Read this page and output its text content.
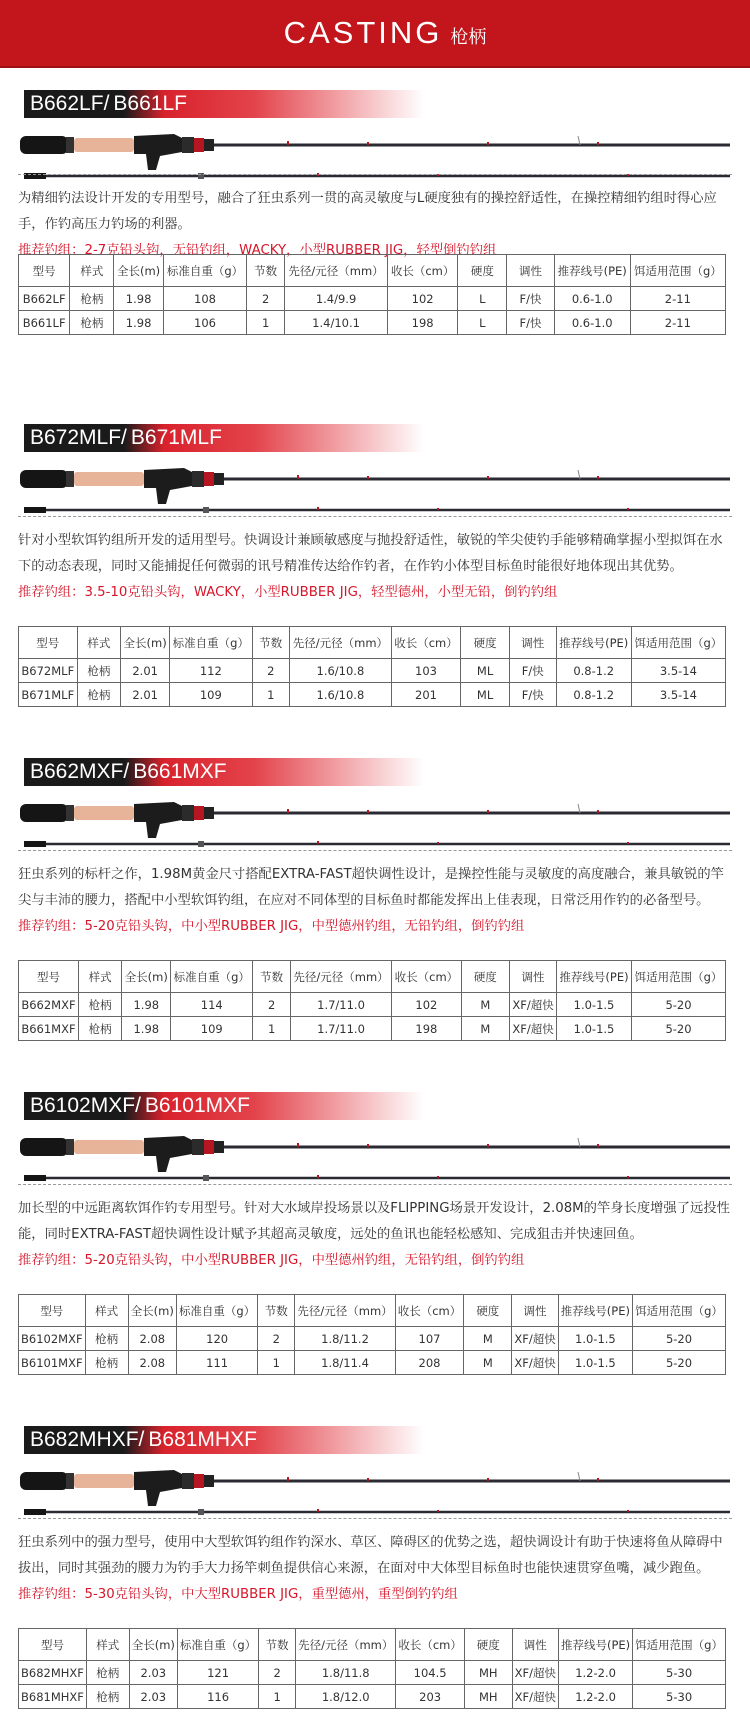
CASTING 枪柄
B662LF / B661LF
为精细钓法设计开发的专用型号，融合了狂虫系列一贯的高灵敏度与L硬度独有的操控舒适性，在操控精细钓组时得心应手，作钓高压力钓场的利器。
推荐钓组：2-7克铅头钩，无铅钓组，WACKY，小型RUBBER JIG，轻型倒钓钓组
型号	样式	全长(m)	标准自重（g）	节数	先径/元径（mm）	收长（cm）	硬度	调性	推荐线号(PE)	饵适用范围（g）
B662LF	枪柄	1.98	108	2	1.4/9.9	102	L	F/快	0.6-1.0	2-11
B661LF	枪柄	1.98	106	1	1.4/10.1	198	L	F/快	0.6-1.0	2-11
B672MLF / B671MLF
针对小型软饵钓组所开发的适用型号。快调设计兼顾敏感度与抛投舒适性，敏锐的竿尖使钓手能够精确掌握小型拟饵在水下的动态表现，同时又能捕捉任何微弱的讯号精准传达给作钓者，在作钓小体型目标鱼时能很好地体现出其优势。
推荐钓组：3.5-10克铅头钩，WACKY，小型RUBBER JIG，轻型德州，小型无铅，倒钓钓组
型号	样式	全长(m)	标准自重（g）	节数	先径/元径（mm）	收长（cm）	硬度	调性	推荐线号(PE)	饵适用范围（g）
B672MLF	枪柄	2.01	112	2	1.6/10.8	103	ML	F/快	0.8-1.2	3.5-14
B671MLF	枪柄	2.01	109	1	1.6/10.8	201	ML	F/快	0.8-1.2	3.5-14
B662MXF / B661MXF
狂虫系列的标杆之作，1.98M黄金尺寸搭配EXTRA-FAST超快调性设计，是操控性能与灵敏度的高度融合，兼具敏锐的竿尖与丰沛的腰力，搭配中小型软饵钓组，在应对不同体型的目标鱼时都能发挥出上佳表现，日常泛用作钓的必备型号。
推荐钓组：5-20克铅头钩，中小型RUBBER JIG，中型德州钓组，无铅钓组，倒钓钓组
型号	样式	全长(m)	标准自重（g）	节数	先径/元径（mm）	收长（cm）	硬度	调性	推荐线号(PE)	饵适用范围（g）
B662MXF	枪柄	1.98	114	2	1.7/11.0	102	M	XF/超快	1.0-1.5	5-20
B661MXF	枪柄	1.98	109	1	1.7/11.0	198	M	XF/超快	1.0-1.5	5-20
B6102MXF / B6101MXF
加长型的中远距离软饵作钓专用型号。针对大水域岸投场景以及FLIPPING场景开发设计，2.08M的竿身长度增强了远投性能，同时EXTRA-FAST超快调性设计赋予其超高灵敏度，远处的鱼讯也能轻松感知、完成狙击并快速回鱼。
推荐钓组：5-20克铅头钩，中小型RUBBER JIG，中型德州钓组，无铅钓组，倒钓钓组
型号	样式	全长(m)	标准自重（g）	节数	先径/元径（mm）	收长（cm）	硬度	调性	推荐线号(PE)	饵适用范围（g）
B6102MXF	枪柄	2.08	120	2	1.8/11.2	107	M	XF/超快	1.0-1.5	5-20
B6101MXF	枪柄	2.08	111	1	1.8/11.4	208	M	XF/超快	1.0-1.5	5-20
B682MHXF / B681MHXF
狂虫系列中的强力型号，使用中大型软饵钓组作钓深水、草区、障碍区的优势之选，超快调设计有助于快速将鱼从障碍中拔出，同时其强劲的腰力为钓手大力扬竿刺鱼提供信心来源，在面对中大体型目标鱼时也能快速贯穿鱼嘴，减少跑鱼。
推荐钓组：5-30克铅头钩，中大型RUBBER JIG，重型德州，重型倒钓钓组
型号	样式	全长(m)	标准自重（g）	节数	先径/元径（mm）	收长（cm）	硬度	调性	推荐线号(PE)	饵适用范围（g）
B682MHXF	枪柄	2.03	121	2	1.8/11.8	104.5	MH	XF/超快	1.2-2.0	5-30
B681MHXF	枪柄	2.03	116	1	1.8/12.0	203	MH	XF/超快	1.2-2.0	5-30
